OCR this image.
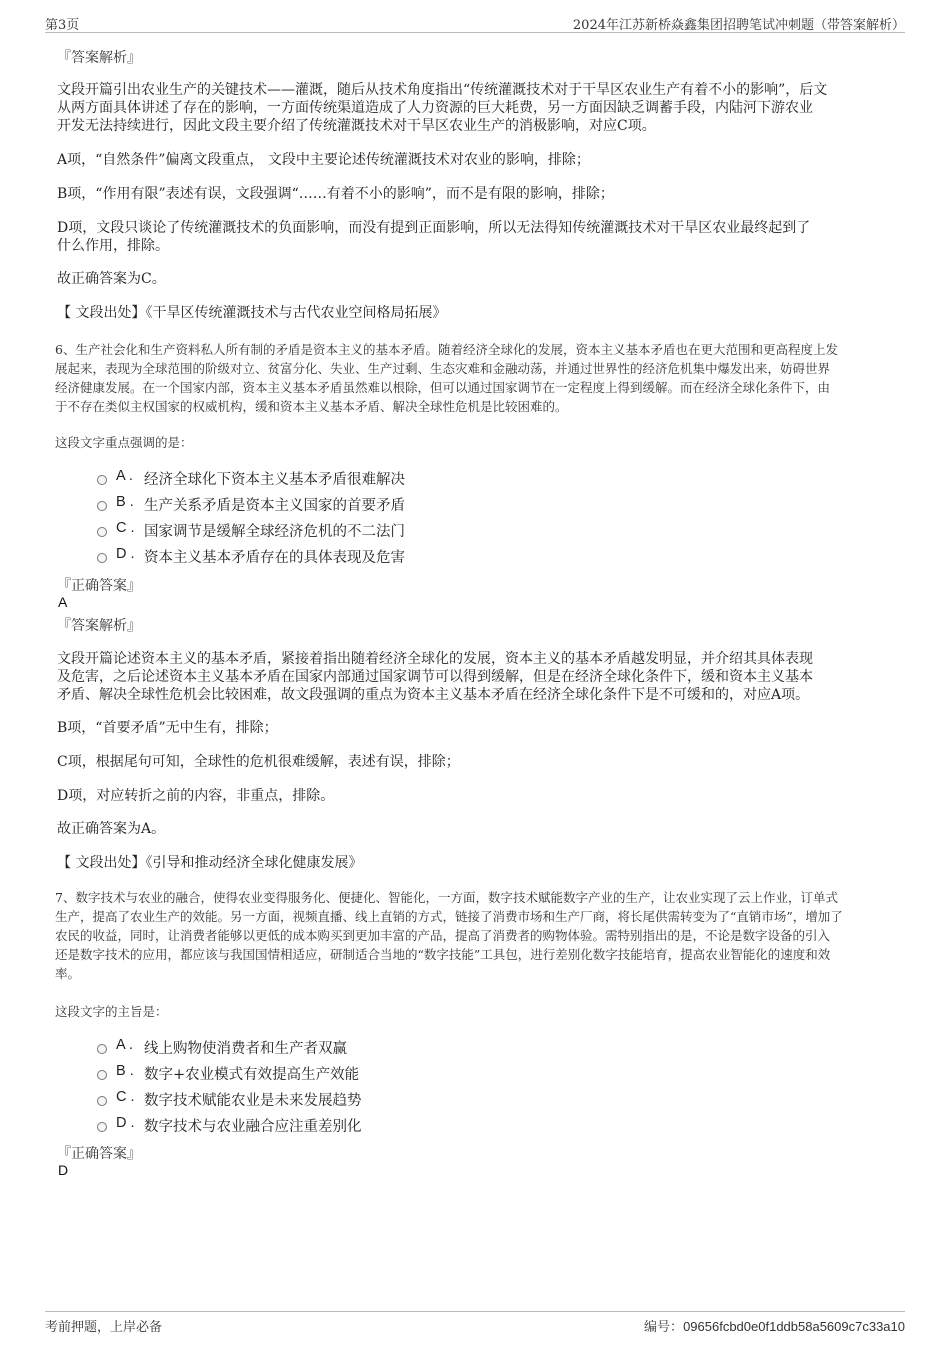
第3页	2024年江苏新桥焱鑫集团招聘笔试冲刺题（带答案解析）
『答案解析』
文段开篇引出农业生产的关键技术——灌溉，随后从技术角度指出“传统灌溉技术对于干旱区农业生产有着不小的影响”，后文
从两方面具体讲述了存在的影响，一方面传统渠道造成了人力资源的巨大耗费，另一方面因缺乏调蓄手段，内陆河下游农业
开发无法持续进行，因此文段主要介绍了传统灌溉技术对干旱区农业生产的消极影响，对应C项。
A项，“自然条件”偏离文段重点， 文段中主要论述传统灌溉技术对农业的影响，排除；
B项，“作用有限”表述有误，文段强调“……有着不小的影响”，而不是有限的影响，排除；
D项，文段只谈论了传统灌溉技术的负面影响，而没有提到正面影响，所以无法得知传统灌溉技术对干旱区农业最终起到了
什么作用，排除。
故正确答案为C。
【 文段出处】《干旱区传统灌溉技术与古代农业空间格局拓展》
6、生产社会化和生产资料私人所有制的矛盾是资本主义的基本矛盾。随着经济全球化的发展，资本主义基本矛盾也在更大范围和更高程度上发
展起来，表现为全球范围的阶级对立、贫富分化、失业、生产过剩、生态灾难和金融动荡，并通过世界性的经济危机集中爆发出来，妨碍世界
经济健康发展。在一个国家内部，资本主义基本矛盾虽然难以根除，但可以通过国家调节在一定程度上得到缓解。而在经济全球化条件下，由
于不存在类似主权国家的权威机构，缓和资本主义基本矛盾、解决全球性危机是比较困难的。
这段文字重点强调的是：
A . 经济全球化下资本主义基本矛盾很难解决
B . 生产关系矛盾是资本主义国家的首要矛盾
C . 国家调节是缓解全球经济危机的不二法门
D . 资本主义基本矛盾存在的具体表现及危害
『正确答案』
A
『答案解析』
文段开篇论述资本主义的基本矛盾，紧接着指出随着经济全球化的发展，资本主义的基本矛盾越发明显，并介绍其具体表现
及危害，之后论述资本主义基本矛盾在国家内部通过国家调节可以得到缓解，但是在经济全球化条件下，缓和资本主义基本
矛盾、解决全球性危机会比较困难，故文段强调的重点为资本主义基本矛盾在经济全球化条件下是不可缓和的，对应A项。
B项，“首要矛盾”无中生有，排除；
C项，根据尾句可知，全球性的危机很难缓解，表述有误，排除；
D项，对应转折之前的内容，非重点，排除。
故正确答案为A。
【 文段出处】《引导和推动经济全球化健康发展》
7、数字技术与农业的融合，使得农业变得服务化、便捷化、智能化，一方面，数字技术赋能数字产业的生产，让农业实现了云上作业，订单式
生产，提高了农业生产的效能。另一方面，视频直播、线上直销的方式，链接了消费市场和生产厂商，将长尾供需转变为了“直销市场”，增加了
农民的收益，同时，让消费者能够以更低的成本购买到更加丰富的产品，提高了消费者的购物体验。需特别指出的是，不论是数字设备的引入
还是数字技术的应用，都应该与我国国情相适应，研制适合当地的“数字技能”工具包，进行差别化数字技能培育，提高农业智能化的速度和效
率。
这段文字的主旨是：
A . 线上购物使消费者和生产者双赢
B . 数字+农业模式有效提高生产效能
C . 数字技术赋能农业是未来发展趋势
D . 数字技术与农业融合应注重差别化
『正确答案』
D
考前押题，上岸必备	编号：09656fcbd0e0f1ddb58a5609c7c33a10
